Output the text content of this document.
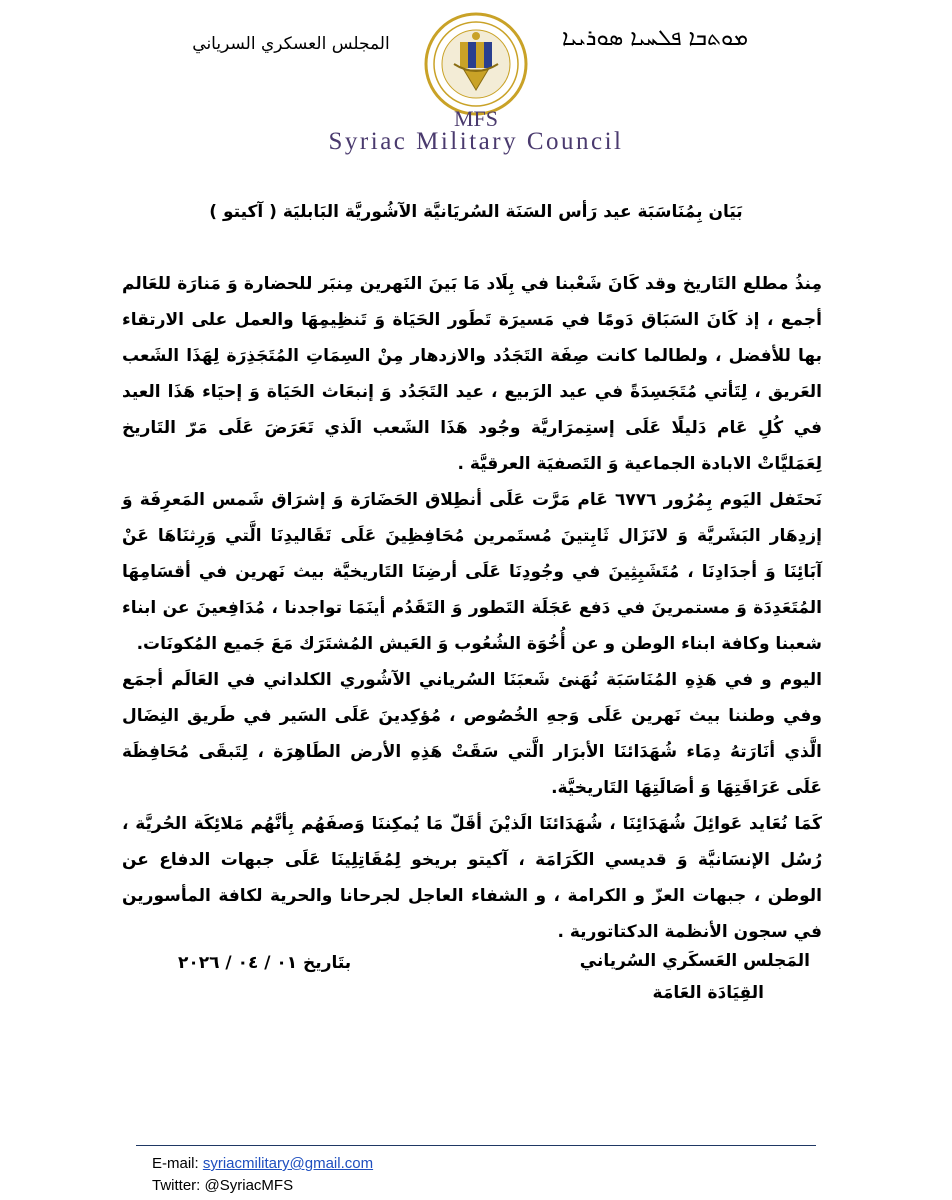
المجلس العسكري السرياني	ܡܘܬܒܐ ܦܠܚܝܐ ܣܘܪܝܝܐ
MFS
Syriac Military Council
بَيَان بِمُنَاسَبَة عيد رَأس السَنَة السُريَانيَّة الآشُوريَّة البَابليَة ( آكيتو )

مِنذُ مطلع التَاريخ وقد كَانَ شَعْبنا في بِلَاد مَا بَينَ النَهرين مِنبَر للحضارة وَ مَنارَة للعَالم أجمع ، إذ كَانَ السَبَاق دَومًا في مَسيرَة تَطَور الحَيَاة وَ تَنظِيمِهَا والعمل على الارتقاء بها للأفضل ، ولطالما كانت صِفَة التَجَدُد والازدهار مِنْ السِمَاتِ المُتَجَذِرَة لِهَذَا الشَعب العَريق ، لِتَأتي مُتَجَسِدَةً في عيد الرَبيع ، عيد التَجَدُد وَ إنبعَاث الحَيَاة وَ إحيَاء هَذَا العيد في كُلِ عَام دَليلًا عَلَى إستِمرَاريَّة وجُود هَذَا الشَعب الَذي تَعَرَضَ عَلَى مَرّ التَاريخ لِعَمَليَّاتْ الابادة الجماعية وَ التَصفيَة العرقيَّة .

نَحتَفل اليَوم بِمُرُور ٦٧٧٦ عَام مَرَّت عَلَى أنطِلاق الحَضَارَة وَ إشرَاق شَمس المَعرِفَة وَ إزدِهَار البَشَريَّة وَ لانَزَال ثَابِتينَ مُستَمرين مُحَافِظِينَ عَلَى تَقَاليدِنَا الَّتي وَرِثنَاهَا عَنْ آبَائِنَا وَ أجدَادِنَا ، مُتَشَبِثِينَ في وجُودِنَا عَلَى أرضِنَا التَاريخيَّة بيث نَهرين في أقسَامِهَا المُتَعَدِدَة وَ مستمرينَ في دَفع عَجَلَة التَطور وَ التَقَدُم أينَمَا تواجدنا ، مُدَافِعينَ عن ابناء شعبنا وكافة ابناء الوطن و عن أُخُوَة الشُعُوب وَ العَيش المُشتَرَك مَعَ جَميع المُكونَات.

اليوم و في هَذِهِ المُنَاسَبَة نُهَنئ شَعبَنَا السُرياني الآشُوري الكلداني في العَالَم أجمَع وفي وطننا بيث نَهرين عَلَى وَجهِ الخُصُوص ، مُؤكِدينَ عَلَى السَير في طَريق النِضَال الَّذي أنَارَتهُ دِمَاء شُهَدَائنَا الأبرَار الَّتي سَقَتْ هَذِهِ الأرض الطَاهِرَة ، لِتَبقَى مُحَافِظَة عَلَى عَرَاقَتِهَا وَ أصَالَتِهَا التَاريخيَّة.

كَمَا نُعَايد عَوائِلَ شُهَدَائِنَا ، شُهَدَائنَا الَذيْنَ أقَلّ مَا يُمكِننَا وَصفَهُم بِأنَّهُم مَلائِكَة الحُريَّة ، رُسُل الإنسَانيَّة وَ قديسي الكَرَامَة ، آكيتو بريخو لِمُقَاتِلِينَا عَلَى جبهات الدفاع عن الوطن ، جبهات العزّ و الكرامة ، و الشفاء العاجل لجرحانا والحرية لكافة المأسورين في سجون الأنظمة الدكتاتورية .

المَجلس العَسكَري السُرياني
القِيَادَة العَامَة
بتَاريخ ٠١ / ٠٤ / ٢٠٢٦
E-mail: syriacmilitary@gmail.com
Twitter: @SyriacMFS
